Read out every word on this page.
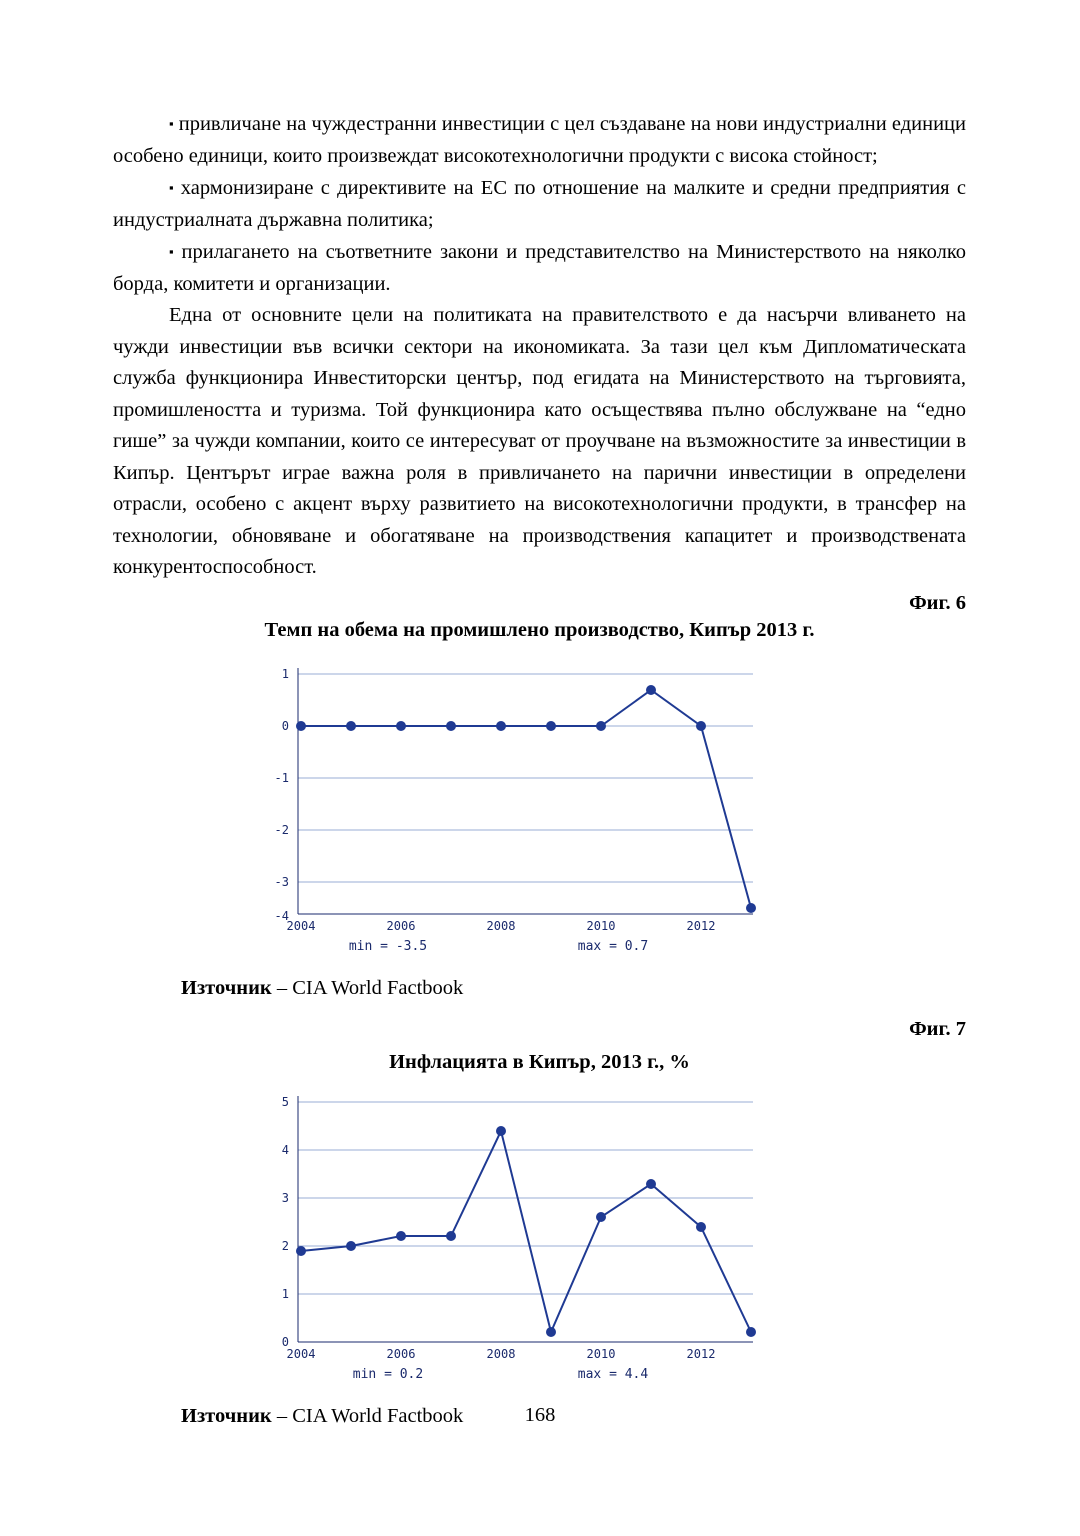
▪ привличане на чуждестранни инвестиции с цел създаване на нови индустриални единици особено единици, които произвеждат високотехнологични продукти с висока стойност;

▪ хармонизиране с директивите на ЕС по отношение на малките и средни предприятия с индустриалната държавна политика;

▪ прилагането на съответните закони и представителство на Министерството на няколко борда, комитети и организации.

Една от основните цели на политиката на правителството е да насърчи вливането на чужди инвестиции във всички сектори на икономиката. За тази цел към Дипломатическата служба функционира Инвеститорски център, под егидата на Министерството на търговията, промишлеността и туризма. Той функционира като осъществява пълно обслужване на “едно гише” за чужди компании, които се интересуват от проучване на възможностите за инвестиции в Кипър. Центърът играе важна роля в привличането на парични инвестиции в определени отрасли, особено с акцент върху развитието на високотехнологични продукти, в трансфер на технологии, обновяване и обогатяване на производствения капацитет и производствената конкурентоспособност.

Фиг. 6

Темп на обема на промишлено производство, Кипър 2013 г.

1
0
-1
-2
-3
-4
2004	2006	2008	2010	2012
min = -3.5	max = 0.7

Източник – CIA World Factbook

Фиг. 7

Инфлацията в Кипър, 2013 г., %

5
4
3
2
1
0
2004	2006	2008	2010	2012
min = 0.2	max = 4.4

Източник – CIA World Factbook	168
